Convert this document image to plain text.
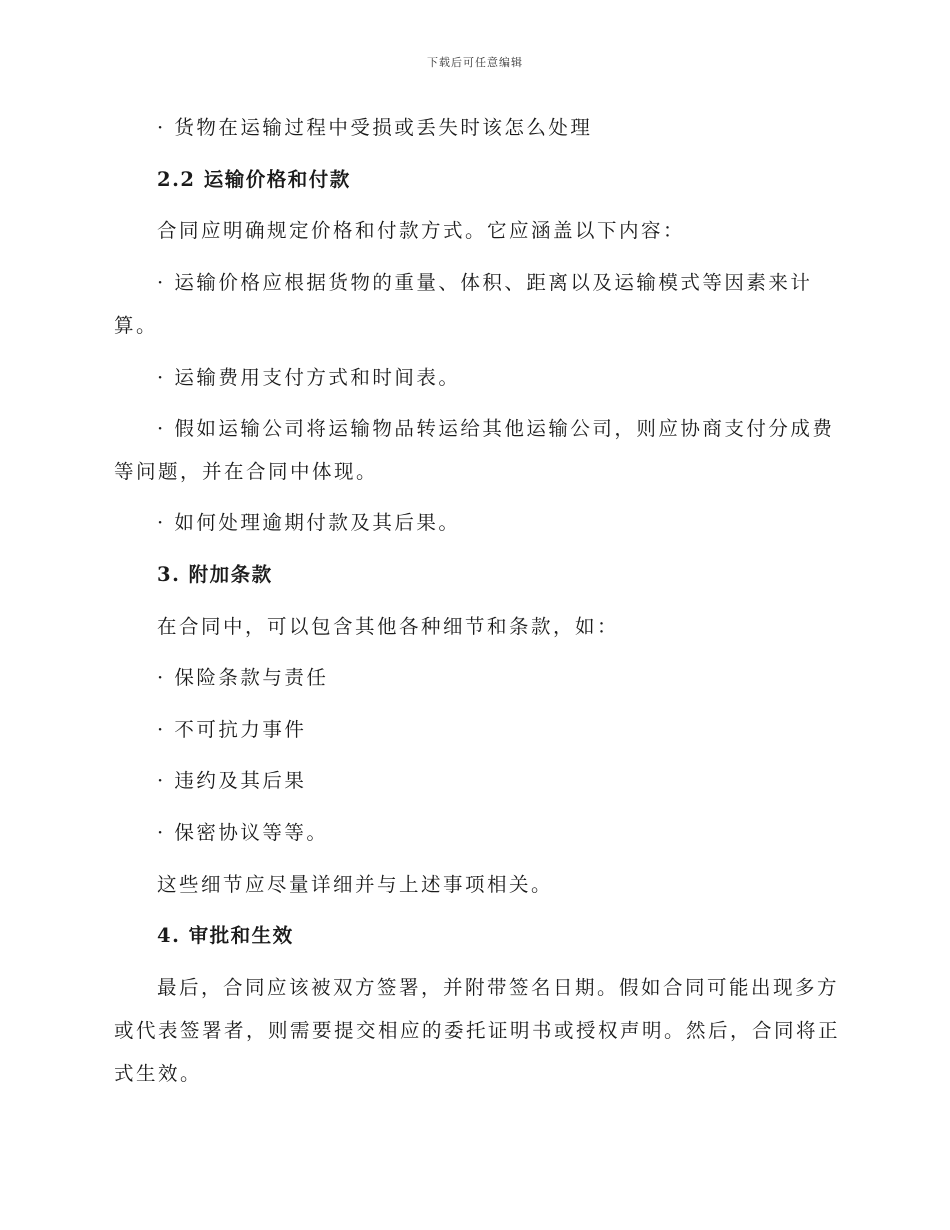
下载后可任意编辑
· 货物在运输过程中受损或丢失时该怎么处理
2.2 运输价格和付款
合同应明确规定价格和付款方式。它应涵盖以下内容：
· 运输价格应根据货物的重量、体积、距离以及运输模式等因素来计
算。
· 运输费用支付方式和时间表。
· 假如运输公司将运输物品转运给其他运输公司，则应协商支付分成费
等问题，并在合同中体现。
· 如何处理逾期付款及其后果。
3. 附加条款
在合同中，可以包含其他各种细节和条款，如：
· 保险条款与责任
· 不可抗力事件
· 违约及其后果
· 保密协议等等。
这些细节应尽量详细并与上述事项相关。
4. 审批和生效
最后，合同应该被双方签署，并附带签名日期。假如合同可能出现多方
或代表签署者，则需要提交相应的委托证明书或授权声明。然后，合同将正
式生效。
